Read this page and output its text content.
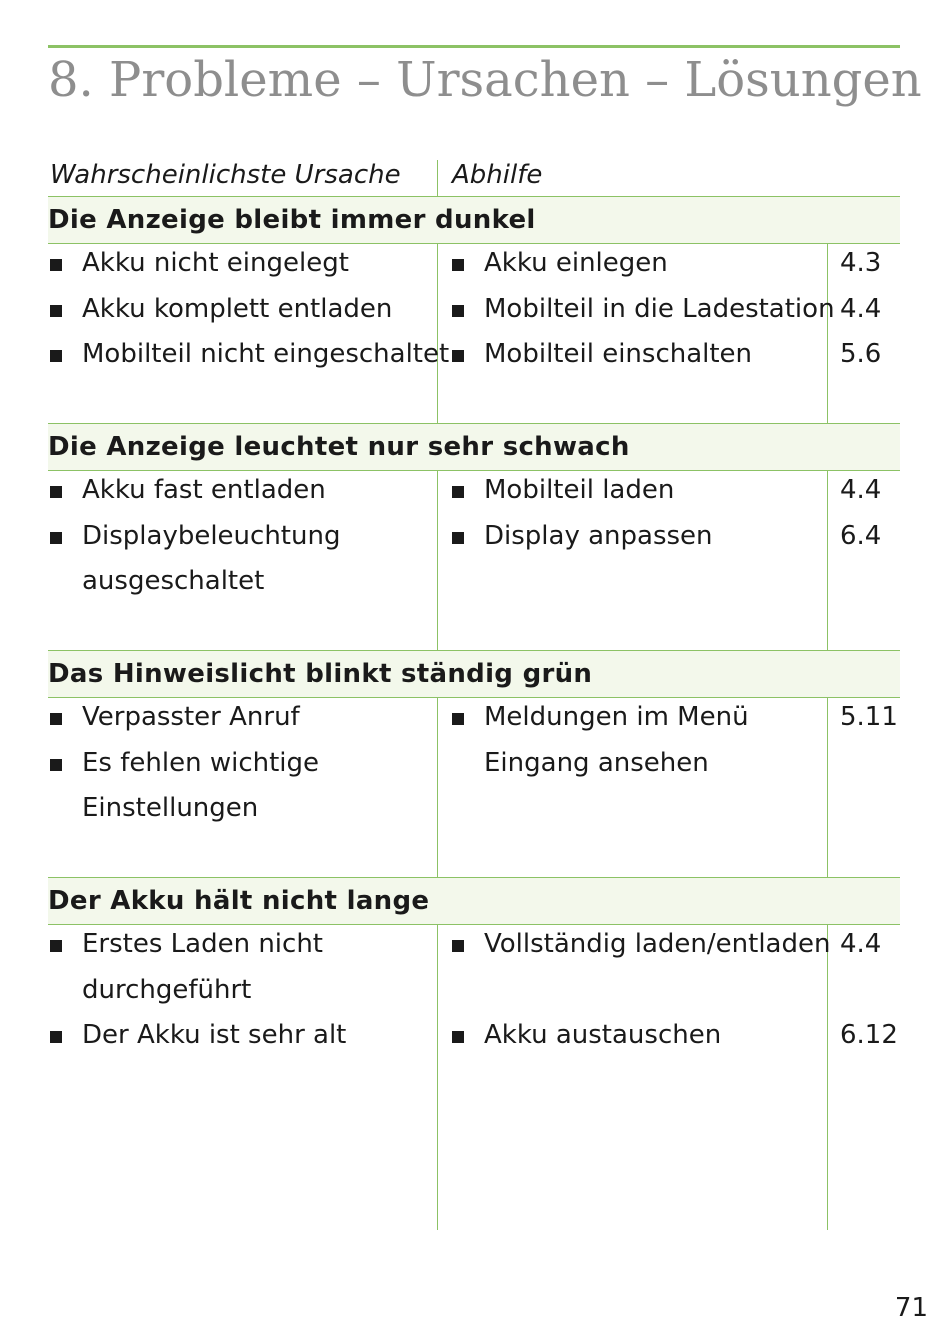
8. Probleme – Ursachen – Lösungen
Wahrscheinlichste Ursache Abhilfe
Die Anzeige bleibt immer dunkel
Akku nicht eingelegt
Akku komplett entladen
Mobilteil nicht eingeschaltet
4.3
Akku einlegen
4.4
Mobilteil in die Ladestation
5.6
Mobilteil einschalten
Die Anzeige leuchtet nur sehr schwach
Akku fast entladen
Displaybeleuchtung
ausgeschaltet
4.4
Mobilteil laden
6.4
Display anpassen
Das Hinweislicht blinkt ständig grün
Verpasster Anruf
Es fehlen wichtige
Einstellungen
5.11
Meldungen im Menü
Eingang ansehen
Der Akku hält nicht lange
Erstes Laden nicht
durchgeführt
Der Akku ist sehr alt
4.4
Vollständig laden/entladen
6.12
Akku austauschen
71
